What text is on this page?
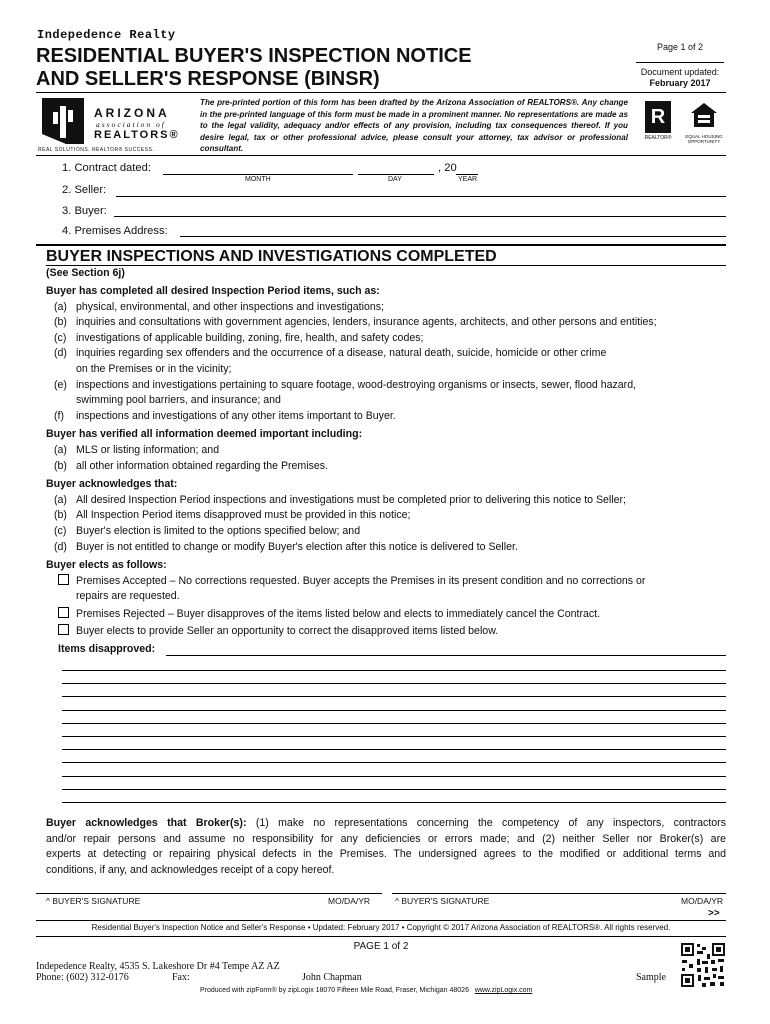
Indepedence Realty
RESIDENTIAL BUYER'S INSPECTION NOTICE
AND SELLER'S RESPONSE (BINSR)
Page 1 of 2
Document updated:
February 2017
ARIZONA
association of
REALTORS®
REAL SOLUTIONS. REALTOR® SUCCESS.
The pre-printed portion of this form has been drafted by the Arizona Association of REALTORS®. Any change in the pre-printed language of this form must be made in a prominent manner. No representations are made as to the legal validity, adequacy and/or effects of any provision, including tax consequences thereof. If you desire legal, tax or other professional advice, please consult your attorney, tax advisor or professional consultant.
R
REALTOR®	EQUAL HOUSING OPPORTUNITY
1. Contract dated:	, 20
MONTH	DAY	YEAR
2. Seller:
3. Buyer:
4. Premises Address:
BUYER INSPECTIONS AND INVESTIGATIONS COMPLETED
(See Section 6j)
Buyer has completed all desired Inspection Period items, such as:
(a) physical, environmental, and other inspections and investigations;
(b) inquiries and consultations with government agencies, lenders, insurance agents, architects, and other persons and entities;
(c) investigations of applicable building, zoning, fire, health, and safety codes;
(d) inquiries regarding sex offenders and the occurrence of a disease, natural death, suicide, homicide or other crime
on the Premises or in the vicinity;
(e) inspections and investigations pertaining to square footage, wood-destroying organisms or insects, sewer, flood hazard,
swimming pool barriers, and insurance; and
(f) inspections and investigations of any other items important to Buyer.
Buyer has verified all information deemed important including:
(a) MLS or listing information; and
(b) all other information obtained regarding the Premises.
Buyer acknowledges that:
(a) All desired Inspection Period inspections and investigations must be completed prior to delivering this notice to Seller;
(b) All Inspection Period items disapproved must be provided in this notice;
(c) Buyer's election is limited to the options specified below; and
(d) Buyer is not entitled to change or modify Buyer's election after this notice is delivered to Seller.
Buyer elects as follows:
Premises Accepted – No corrections requested. Buyer accepts the Premises in its present condition and no corrections or
repairs are requested.
Premises Rejected – Buyer disapproves of the items listed below and elects to immediately cancel the Contract.
Buyer elects to provide Seller an opportunity to correct the disapproved items listed below.
Items disapproved:
Buyer acknowledges that Broker(s): (1) make no representations concerning the competency of any inspectors, contractors
and/or repair persons and assume no responsibility for any deficiencies or errors made; and (2) neither Seller nor Broker(s) are
experts at detecting or repairing physical defects in the Premises. The undersigned agrees to the modified or additional terms and
conditions, if any, and acknowledges receipt of a copy hereof.
^ BUYER'S SIGNATURE	MO/DA/YR	^ BUYER'S SIGNATURE	MO/DA/YR
>>
Residential Buyer's Inspection Notice and Seller's Response • Updated: February 2017 • Copyright © 2017 Arizona Association of REALTORS®. All rights reserved.
PAGE 1 of 2
Indepedence Realty, 4535 S. Lakeshore Dr #4 Tempe AZ AZ
Phone: (602) 312-0176	Fax:	John Chapman	Sample
Produced with zipForm® by zipLogix 18070 Fifteen Mile Road, Fraser, Michigan 48026 www.zipLogix.com
